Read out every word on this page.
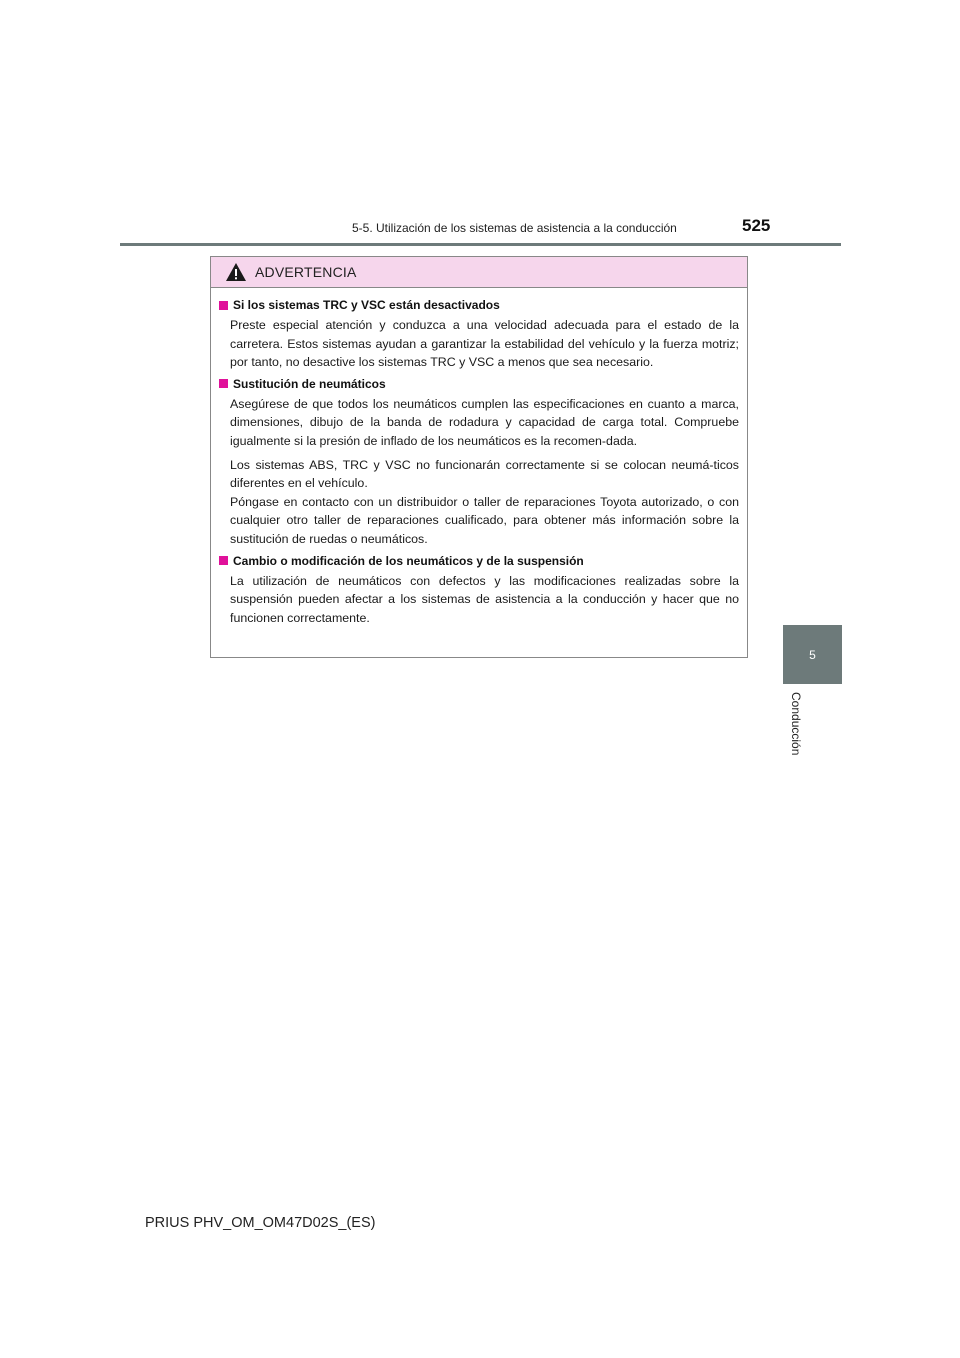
5-5. Utilización de los sistemas de asistencia a la conducción	525
ADVERTENCIA
Si los sistemas TRC y VSC están desactivados

Preste especial atención y conduzca a una velocidad adecuada para el estado de la carretera. Estos sistemas ayudan a garantizar la estabilidad del vehículo y la fuerza motriz; por tanto, no desactive los sistemas TRC y VSC a menos que sea necesario.

Sustitución de neumáticos

Asegúrese de que todos los neumáticos cumplen las especificaciones en cuanto a marca, dimensiones, dibujo de la banda de rodadura y capacidad de carga total. Compruebe igualmente si la presión de inflado de los neumáticos es la recomen-dada.

Los sistemas ABS, TRC y VSC no funcionarán correctamente si se colocan neumá-ticos diferentes en el vehículo.

Póngase en contacto con un distribuidor o taller de reparaciones Toyota autorizado, o con cualquier otro taller de reparaciones cualificado, para obtener más información sobre la sustitución de ruedas o neumáticos.

Cambio o modificación de los neumáticos y de la suspensión

La utilización de neumáticos con defectos y las modificaciones realizadas sobre la suspensión pueden afectar a los sistemas de asistencia a la conducción y hacer que no funcionen correctamente.

5
Conducción
PRIUS PHV_OM_OM47D02S_(ES)
